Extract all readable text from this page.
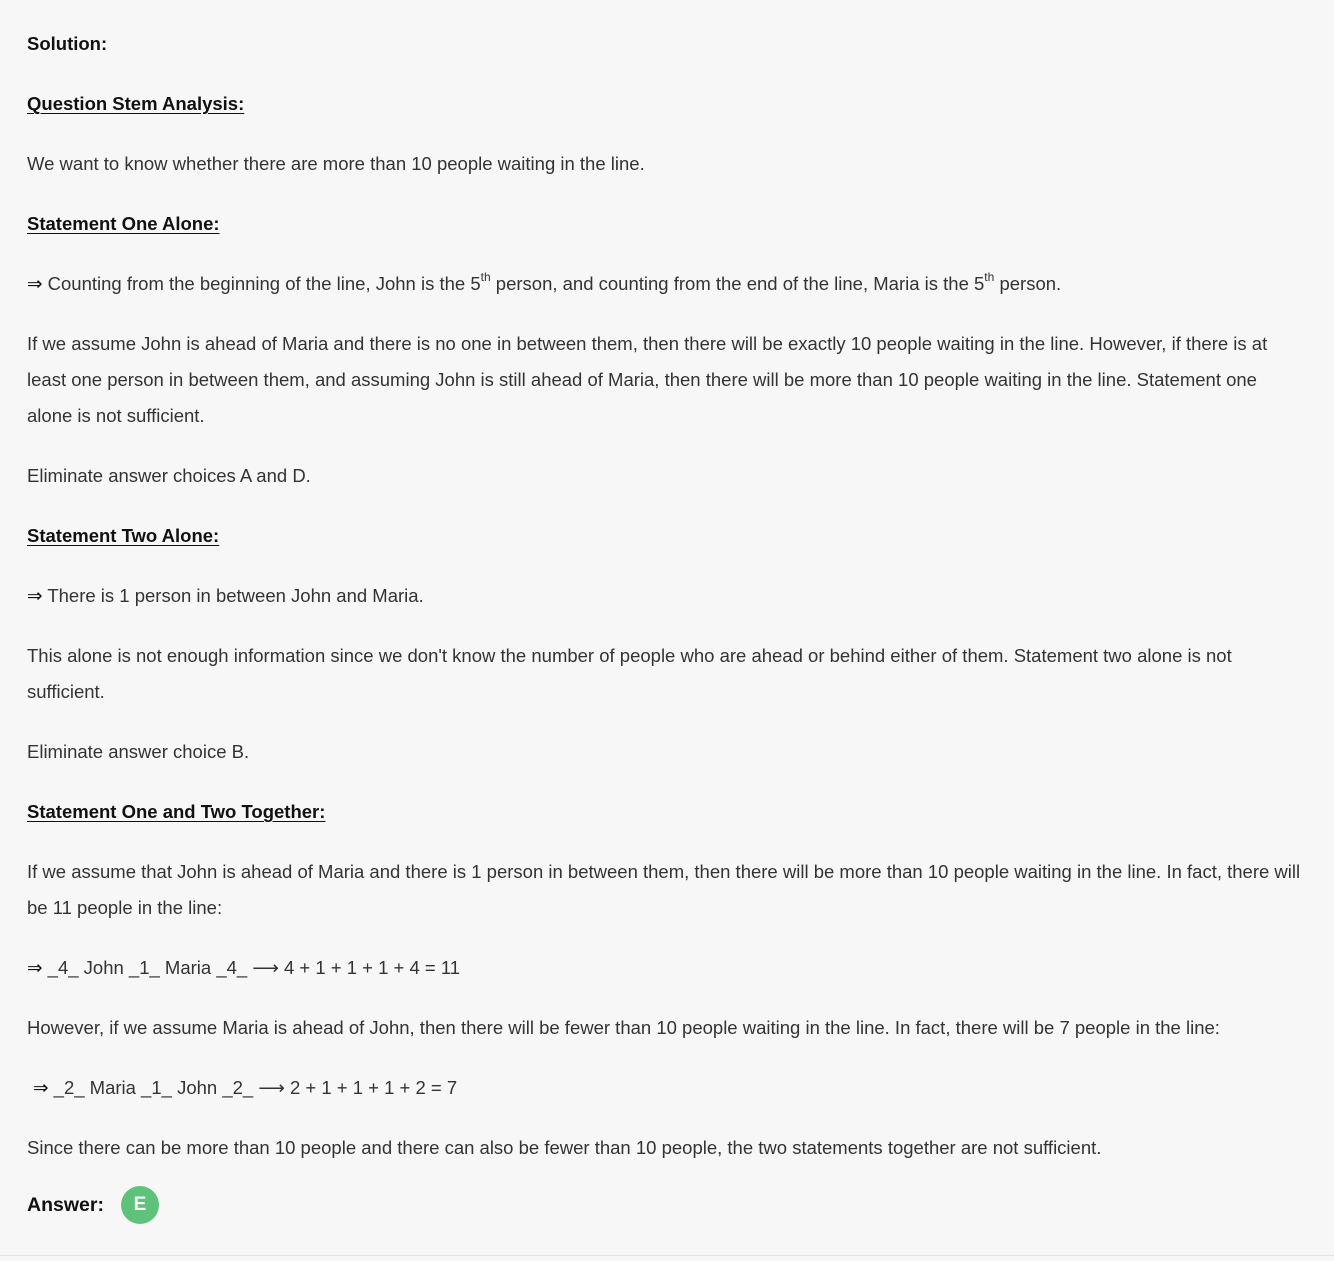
Solution:
Question Stem Analysis:
We want to know whether there are more than 10 people waiting in the line.
Statement One Alone:
⇒ Counting from the beginning of the line, John is the 5th person, and counting from the end of the line, Maria is the 5th person.
If we assume John is ahead of Maria and there is no one in between them, then there will be exactly 10 people waiting in the line. However, if there is at least one person in between them, and assuming John is still ahead of Maria, then there will be more than 10 people waiting in the line. Statement one alone is not sufficient.
Eliminate answer choices A and D.
Statement Two Alone:
⇒ There is 1 person in between John and Maria.
This alone is not enough information since we don't know the number of people who are ahead or behind either of them. Statement two alone is not sufficient.
Eliminate answer choice B.
Statement One and Two Together:
If we assume that John is ahead of Maria and there is 1 person in between them, then there will be more than 10 people waiting in the line. In fact, there will be 11 people in the line:
⇒ _4_ John _1_ Maria _4_ ⟶ 4 + 1 + 1 + 1 + 4 = 11
However, if we assume Maria is ahead of John, then there will be fewer than 10 people waiting in the line. In fact, there will be 7 people in the line:
⇒ _2_ Maria _1_ John _2_ ⟶ 2 + 1 + 1 + 1 + 2 = 7
Since there can be more than 10 people and there can also be fewer than 10 people, the two statements together are not sufficient.
Answer:	E
